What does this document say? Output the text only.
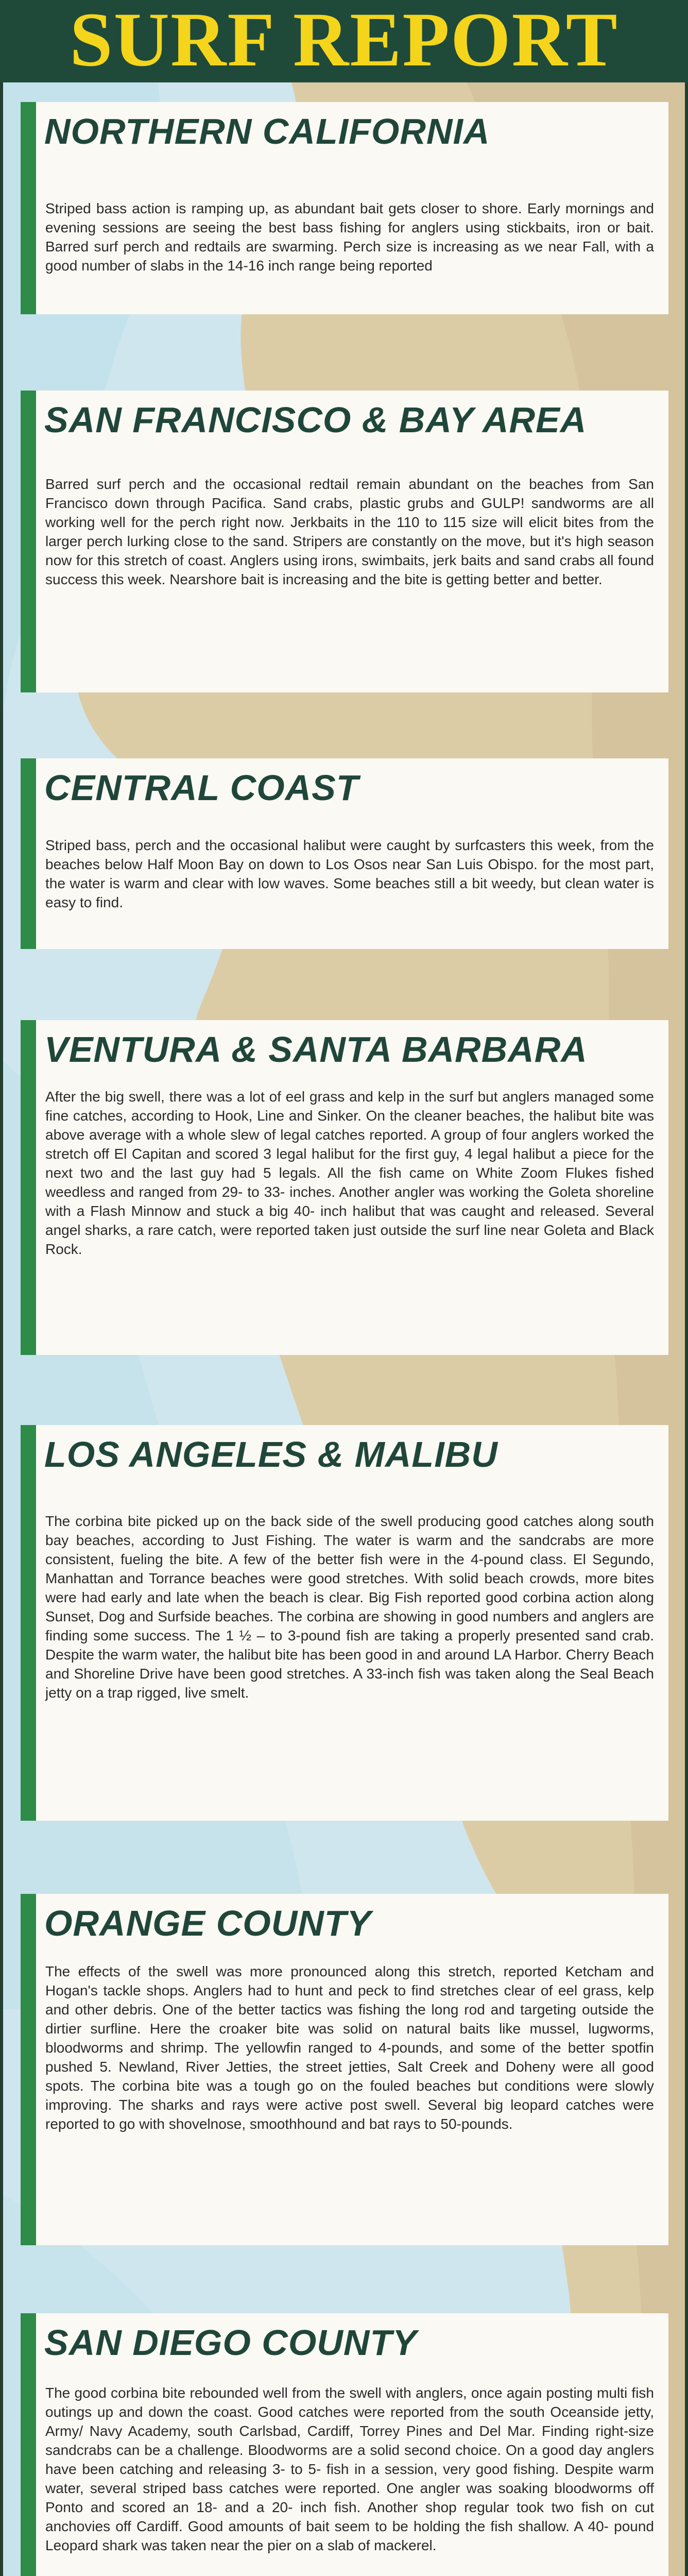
SURF REPORT
NORTHERN CALIFORNIA
Striped bass action is ramping up, as abundant bait gets closer to shore. Early mornings and evening sessions are seeing the best bass fishing for anglers using stickbaits, iron or bait. Barred surf perch and redtails are swarming. Perch size is increasing as we near Fall, with a good number of slabs in the 14-16 inch range being reported
SAN FRANCISCO & BAY AREA
Barred surf perch and the occasional redtail remain abundant on the beaches from San Francisco down through Pacifica. Sand crabs, plastic grubs and GULP! sandworms are all working well for the perch right now. Jerkbaits in the 110 to 115 size will elicit bites from the larger perch lurking close to the sand. Stripers are constantly on the move, but it's high season now for this stretch of coast. Anglers using irons, swimbaits, jerk baits and sand crabs all found success this week. Nearshore bait is increasing and the bite is getting better and better.
CENTRAL COAST
Striped bass, perch and the occasional halibut were caught by surfcasters this week, from the beaches below Half Moon Bay on down to Los Osos near San Luis Obispo. for the most part, the water is warm and clear with low waves. Some beaches still a bit weedy, but clean water is easy to find.
VENTURA & SANTA BARBARA
After the big swell, there was a lot of eel grass and kelp in the surf but anglers managed some fine catches, according to Hook, Line and Sinker. On the cleaner beaches, the halibut bite was above average with a whole slew of legal catches reported. A group of four anglers worked the stretch off El Capitan and scored 3 legal halibut for the first guy, 4 legal halibut a piece for the next two and the last guy had 5 legals. All the fish came on White Zoom Flukes fished weedless and ranged from 29- to 33- inches. Another angler was working the Goleta shoreline with a Flash Minnow and stuck a big 40- inch halibut that was caught and released. Several angel sharks, a rare catch, were reported taken just outside the surf line near Goleta and Black Rock.
LOS ANGELES & MALIBU
The corbina bite picked up on the back side of the swell producing good catches along south bay beaches, according to Just Fishing. The water is warm and the sandcrabs are more consistent, fueling the bite. A few of the better fish were in the 4-pound class. El Segundo, Manhattan and Torrance beaches were good stretches. With solid beach crowds, more bites were had early and late when the beach is clear. Big Fish reported good corbina action along Sunset, Dog and Surfside beaches. The corbina are showing in good numbers and anglers are finding some success. The 1 ½ – to 3-pound fish are taking a properly presented sand crab. Despite the warm water, the halibut bite has been good in and around LA Harbor. Cherry Beach and Shoreline Drive have been good stretches. A 33-inch fish was taken along the Seal Beach jetty on a trap rigged, live smelt.
ORANGE COUNTY
The effects of the swell was more pronounced along this stretch, reported Ketcham and Hogan's tackle shops. Anglers had to hunt and peck to find stretches clear of eel grass, kelp and other debris. One of the better tactics was fishing the long rod and targeting outside the dirtier surfline. Here the croaker bite was solid on natural baits like mussel, lugworms, bloodworms and shrimp. The yellowfin ranged to 4-pounds, and some of the better spotfin pushed 5. Newland, River Jetties, the street jetties, Salt Creek and Doheny were all good spots. The corbina bite was a tough go on the fouled beaches but conditions were slowly improving. The sharks and rays were active post swell. Several big leopard catches were reported to go with shovelnose, smoothhound and bat rays to 50-pounds.
SAN DIEGO COUNTY
The good corbina bite rebounded well from the swell with anglers, once again posting multi fish outings up and down the coast. Good catches were reported from the south Oceanside jetty, Army/ Navy Academy, south Carlsbad, Cardiff, Torrey Pines and Del Mar. Finding right-size sandcrabs can be a challenge. Bloodworms are a solid second choice. On a good day anglers have been catching and releasing 3- to 5- fish in a session, very good fishing. Despite warm water, several striped bass catches were reported. One angler was soaking bloodworms off Ponto and scored an 18- and a 20- inch fish. Another shop regular took two fish on cut anchovies off Cardiff. Good amounts of bait seem to be holding the fish shallow. A 40- pound Leopard shark was taken near the pier on a slab of mackerel.
